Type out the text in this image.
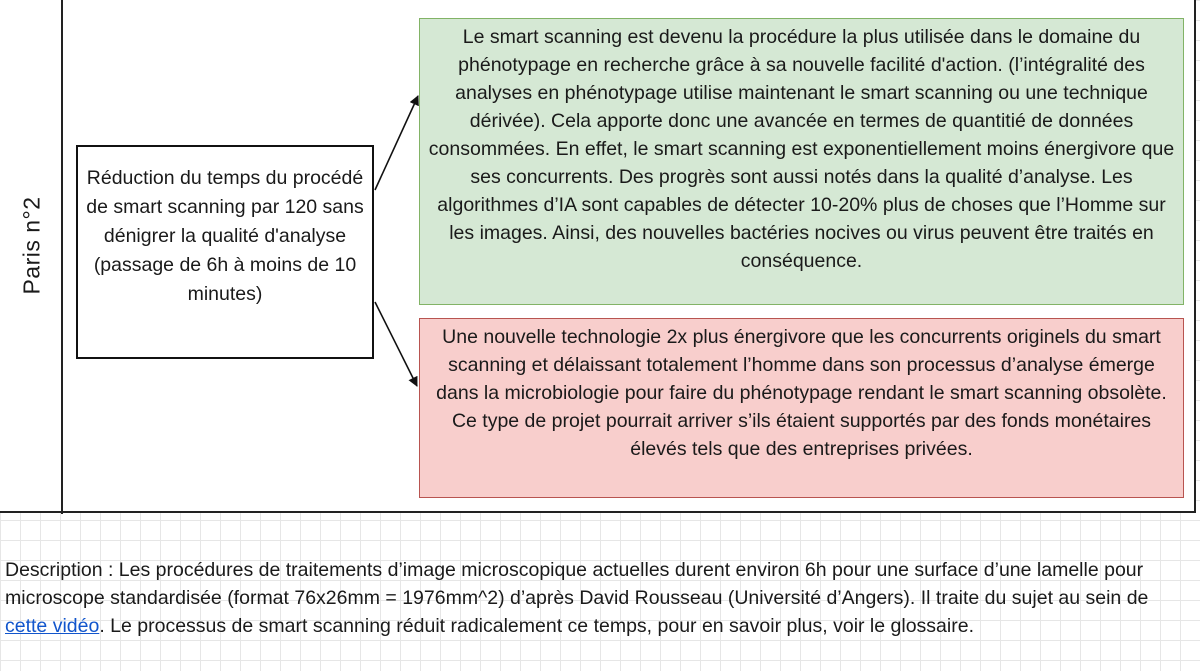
Paris n°2
Réduction du temps du procédé de smart scanning par 120 sans dénigrer la qualité d'analyse (passage de 6h à moins de 10 minutes)
Le smart scanning est devenu la procédure la plus utilisée dans le domaine du phénotypage en recherche grâce à sa nouvelle facilité d'action. (l’intégralité des analyses en phénotypage utilise maintenant le smart scanning ou une technique dérivée). Cela apporte donc une avancée en termes de quantitié de données consommées. En effet, le smart scanning est exponentiellement moins énergivore que ses concurrents. Des progrès sont aussi notés dans la qualité d’analyse. Les algorithmes d’IA sont capables de détecter 10-20% plus de choses que l’Homme sur les images. Ainsi, des nouvelles bactéries nocives ou virus peuvent être traités en conséquence.
Une nouvelle technologie 2x plus énergivore que les concurrents originels du smart scanning et délaissant totalement l’homme dans son processus d’analyse émerge dans la microbiologie pour faire du phénotypage rendant le smart scanning obsolète. Ce type de projet pourrait arriver s’ils étaient supportés par des fonds monétaires élevés tels que des entreprises privées.
Description : Les procédures de traitements d’image microscopique actuelles durent environ 6h pour une surface d’une lamelle pour microscope standardisée (format 76x26mm = 1976mm^2) d’après David Rousseau (Université d’Angers). Il traite du sujet au sein de cette vidéo. Le processus de smart scanning réduit radicalement ce temps, pour en savoir plus, voir le glossaire.
